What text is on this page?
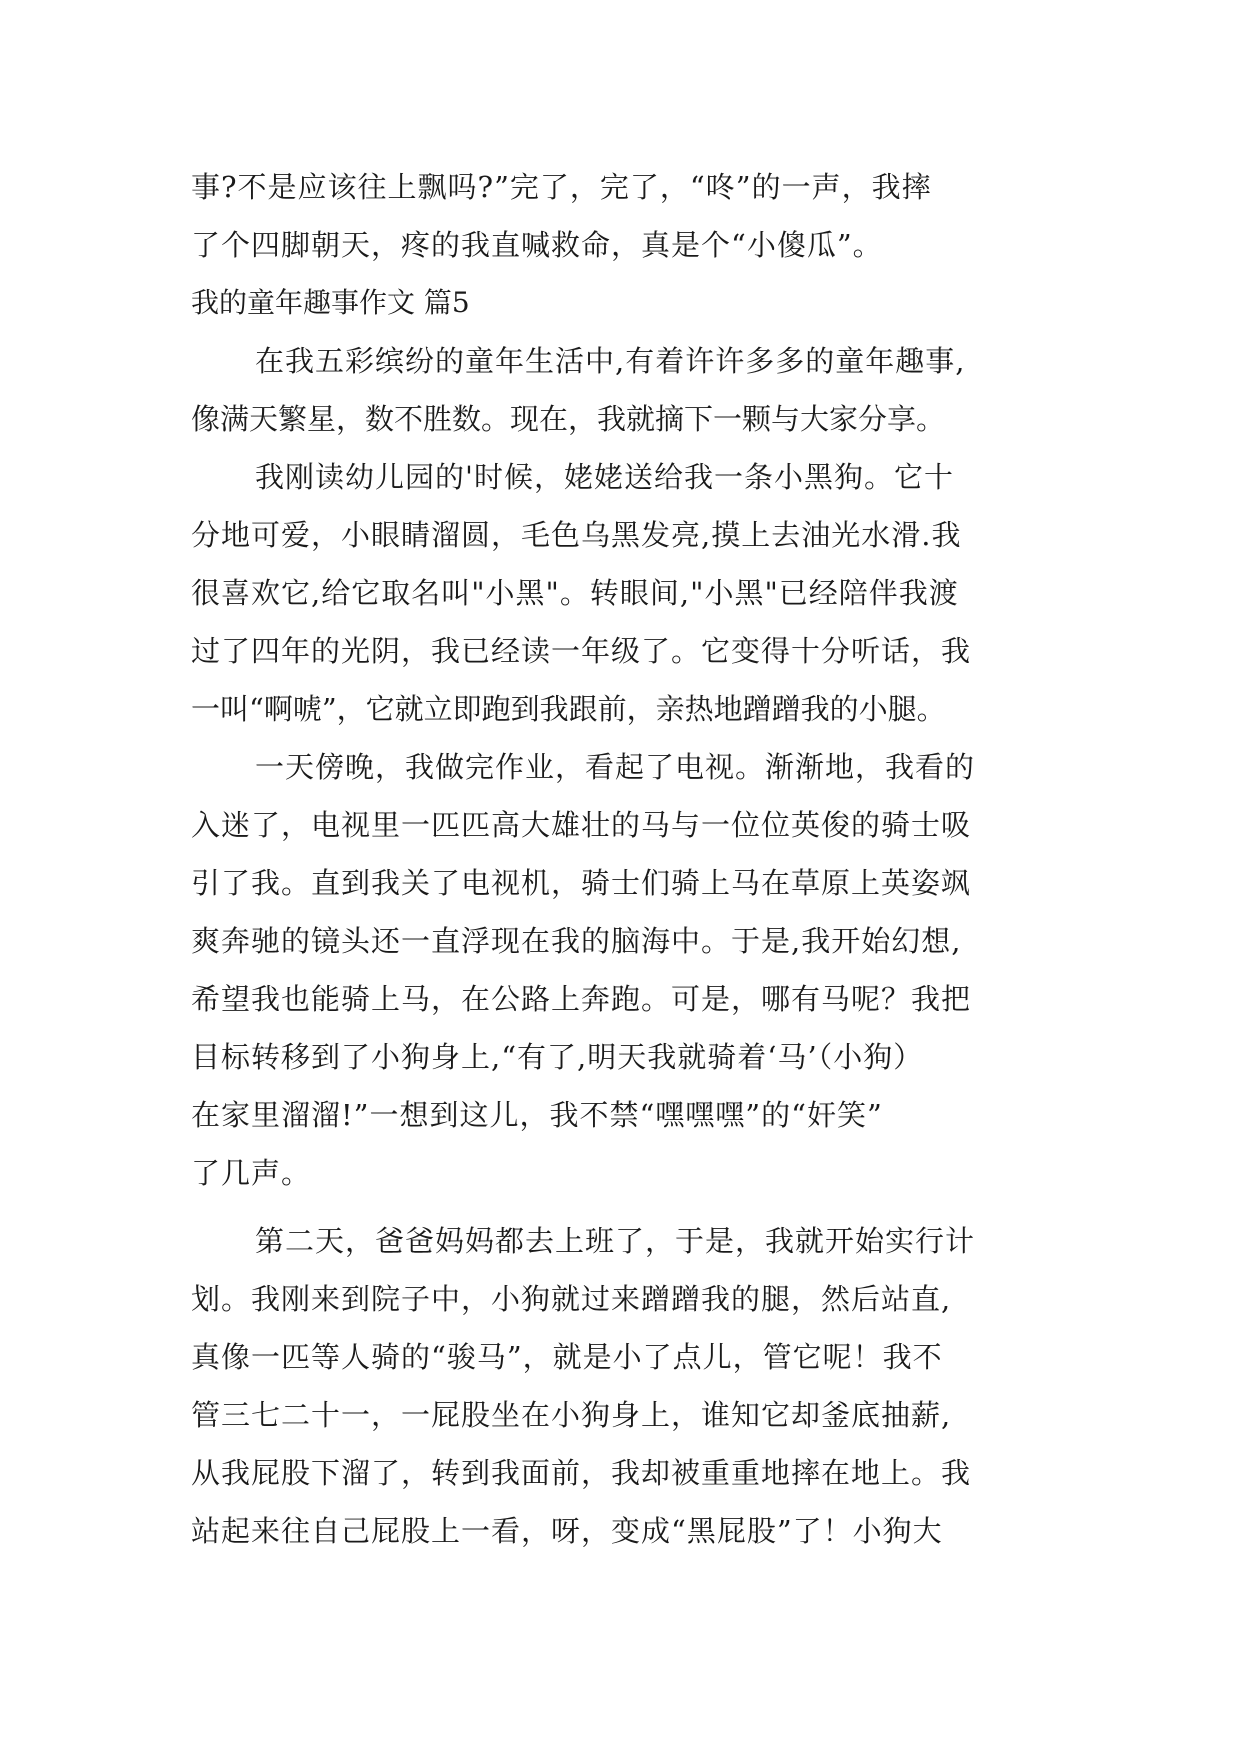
事?不是应该往上飘吗?”完了，完了，“咚”的一声，我摔
了个四脚朝天，疼的我直喊救命，真是个“小傻瓜”。
我的童年趣事作文 篇5
在我五彩缤纷的童年生活中,有着许许多多的童年趣事,
像满天繁星，数不胜数。现在，我就摘下一颗与大家分享。
我刚读幼儿园的'时候，姥姥送给我一条小黑狗。它十
分地可爱，小眼睛溜圆，毛色乌黑发亮,摸上去油光水滑.我
很喜欢它,给它取名叫"小黑"。转眼间,"小黑"已经陪伴我渡
过了四年的光阴，我已经读一年级了。它变得十分听话，我
一叫“啊唬”，它就立即跑到我跟前，亲热地蹭蹭我的小腿。
一天傍晚，我做完作业，看起了电视。渐渐地，我看的
入迷了，电视里一匹匹高大雄壮的马与一位位英俊的骑士吸
引了我。直到我关了电视机，骑士们骑上马在草原上英姿飒
爽奔驰的镜头还一直浮现在我的脑海中。于是,我开始幻想,
希望我也能骑上马，在公路上奔跑。可是，哪有马呢？我把
目标转移到了小狗身上,“有了,明天我就骑着‘马’（小狗）
在家里溜溜!”一想到这儿，我不禁“嘿嘿嘿”的“奸笑”
了几声。
第二天，爸爸妈妈都去上班了，于是，我就开始实行计
划。我刚来到院子中，小狗就过来蹭蹭我的腿，然后站直,
真像一匹等人骑的“骏马”，就是小了点儿，管它呢！我不
管三七二十一，一屁股坐在小狗身上，谁知它却釜底抽薪,
从我屁股下溜了，转到我面前，我却被重重地摔在地上。我
站起来往自己屁股上一看，呀，变成“黑屁股”了！小狗大
